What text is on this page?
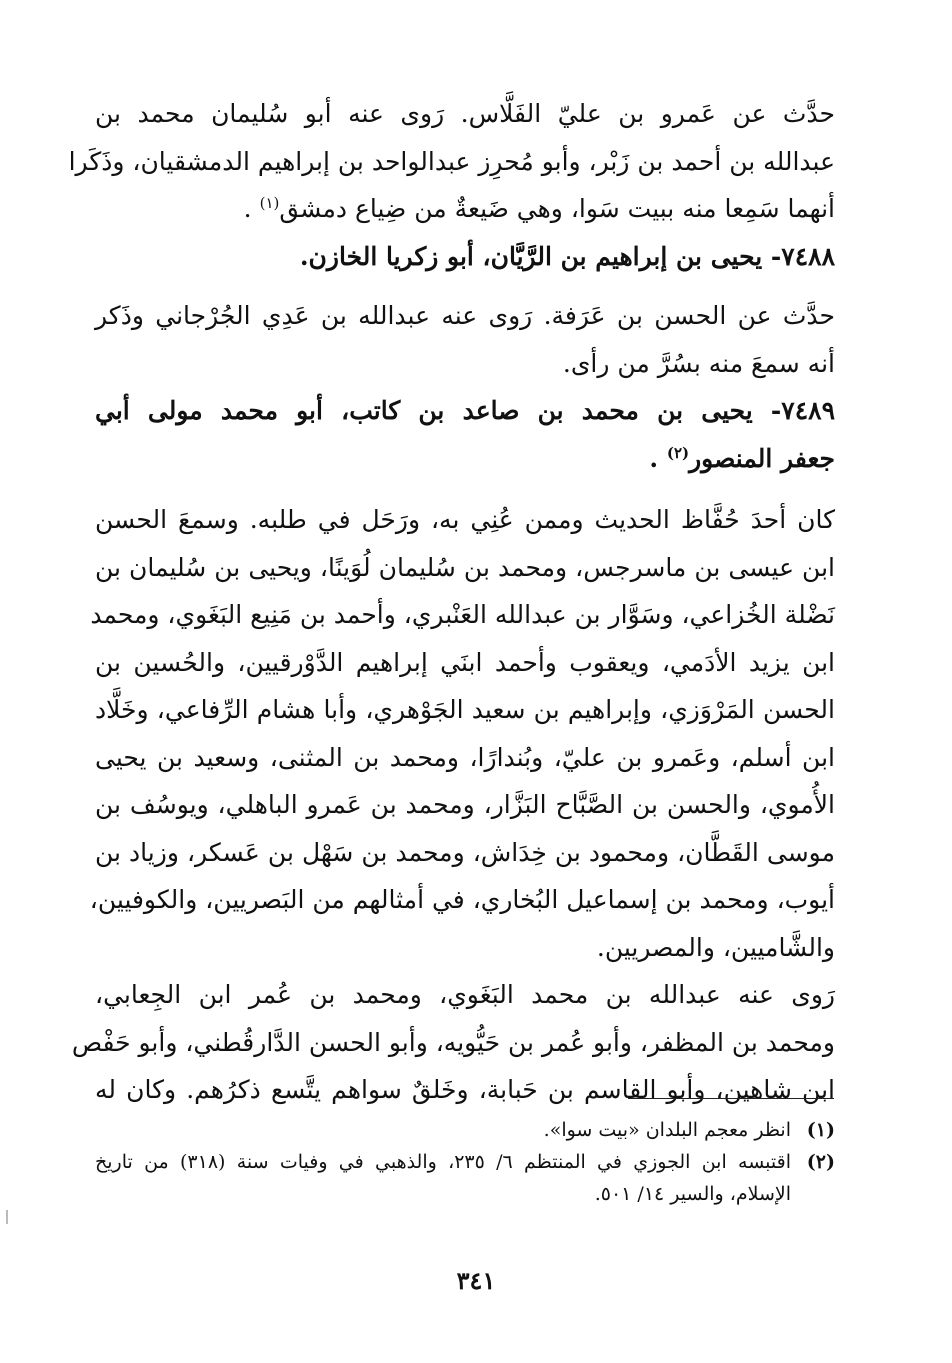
حدَّث عن عَمرو بن عليّ الفَلَّاس. رَوى عنه أبو سُليمان محمد بن
عبدالله بن أحمد بن زَبْر، وأبو مُحرِز عبدالواحد بن إبراهيم الدمشقيان، وذَكَرا
أنهما سَمِعا منه ببيت سَوا، وهي ضَيعةٌ من ضِياع دمشق$^{(١)}$ .
٧٤٨٨- يحيى بن إبراهيم بن الرَّيَّان، أبو زكريا الخازن.
حدَّث عن الحسن بن عَرَفة. رَوى عنه عبدالله بن عَدِي الجُرْجاني وذَكر
أنه سمعَ منه بسُرَّ من رأى.
٧٤٨٩- يحيى بن محمد بن صاعد بن كاتب، أبو محمد مولى أبي
جعفر المنصور$^{(٢)}$ .
كان أحدَ حُفَّاظ الحديث وممن عُنِي به، ورَحَل في طلبه. وسمعَ الحسن
ابن عيسى بن ماسرجس، ومحمد بن سُليمان لُوَينًا، ويحيى بن سُليمان بن
نَضْلة الخُزاعي، وسَوَّار بن عبدالله العَنْبري، وأحمد بن مَنِيع البَغَوي، ومحمد
ابن يزيد الأدَمي، ويعقوب وأحمد ابنَي إبراهيم الدَّوْرقيين، والحُسين بن
الحسن المَرْوَزي، وإبراهيم بن سعيد الجَوْهري، وأبا هشام الرِّفاعي، وخَلَّاد
ابن أسلم، وعَمرو بن عليّ، وبُندارًا، ومحمد بن المثنى، وسعيد بن يحيى
الأُموي، والحسن بن الصَّبَّاح البَزَّار، ومحمد بن عَمرو الباهلي، ويوسُف بن
موسى القَطَّان، ومحمود بن خِدَاش، ومحمد بن سَهْل بن عَسكر، وزياد بن
أيوب، ومحمد بن إسماعيل البُخاري، في أمثالهم من البَصريين، والكوفيين،
والشَّاميين، والمصريين.
رَوى عنه عبدالله بن محمد البَغَوي، ومحمد بن عُمر ابن الجِعابي،
ومحمد بن المظفر، وأبو عُمر بن حَيُّويه، وأبو الحسن الدَّارقُطني، وأبو حَفْص
ابن شاهين، وأبو القاسم بن حَبابة، وخَلقٌ سواهم يتَّسع ذكرُهم. وكان له
(١)
انظر معجم البلدان «بيت سوا».
(٢)
اقتبسه ابن الجوزي في المنتظم ٦/ ٢٣٥، والذهبي في وفيات سنة (٣١٨) من تاريخ
الإسلام، والسير ١٤/ ٥٠١.
٣٤١
